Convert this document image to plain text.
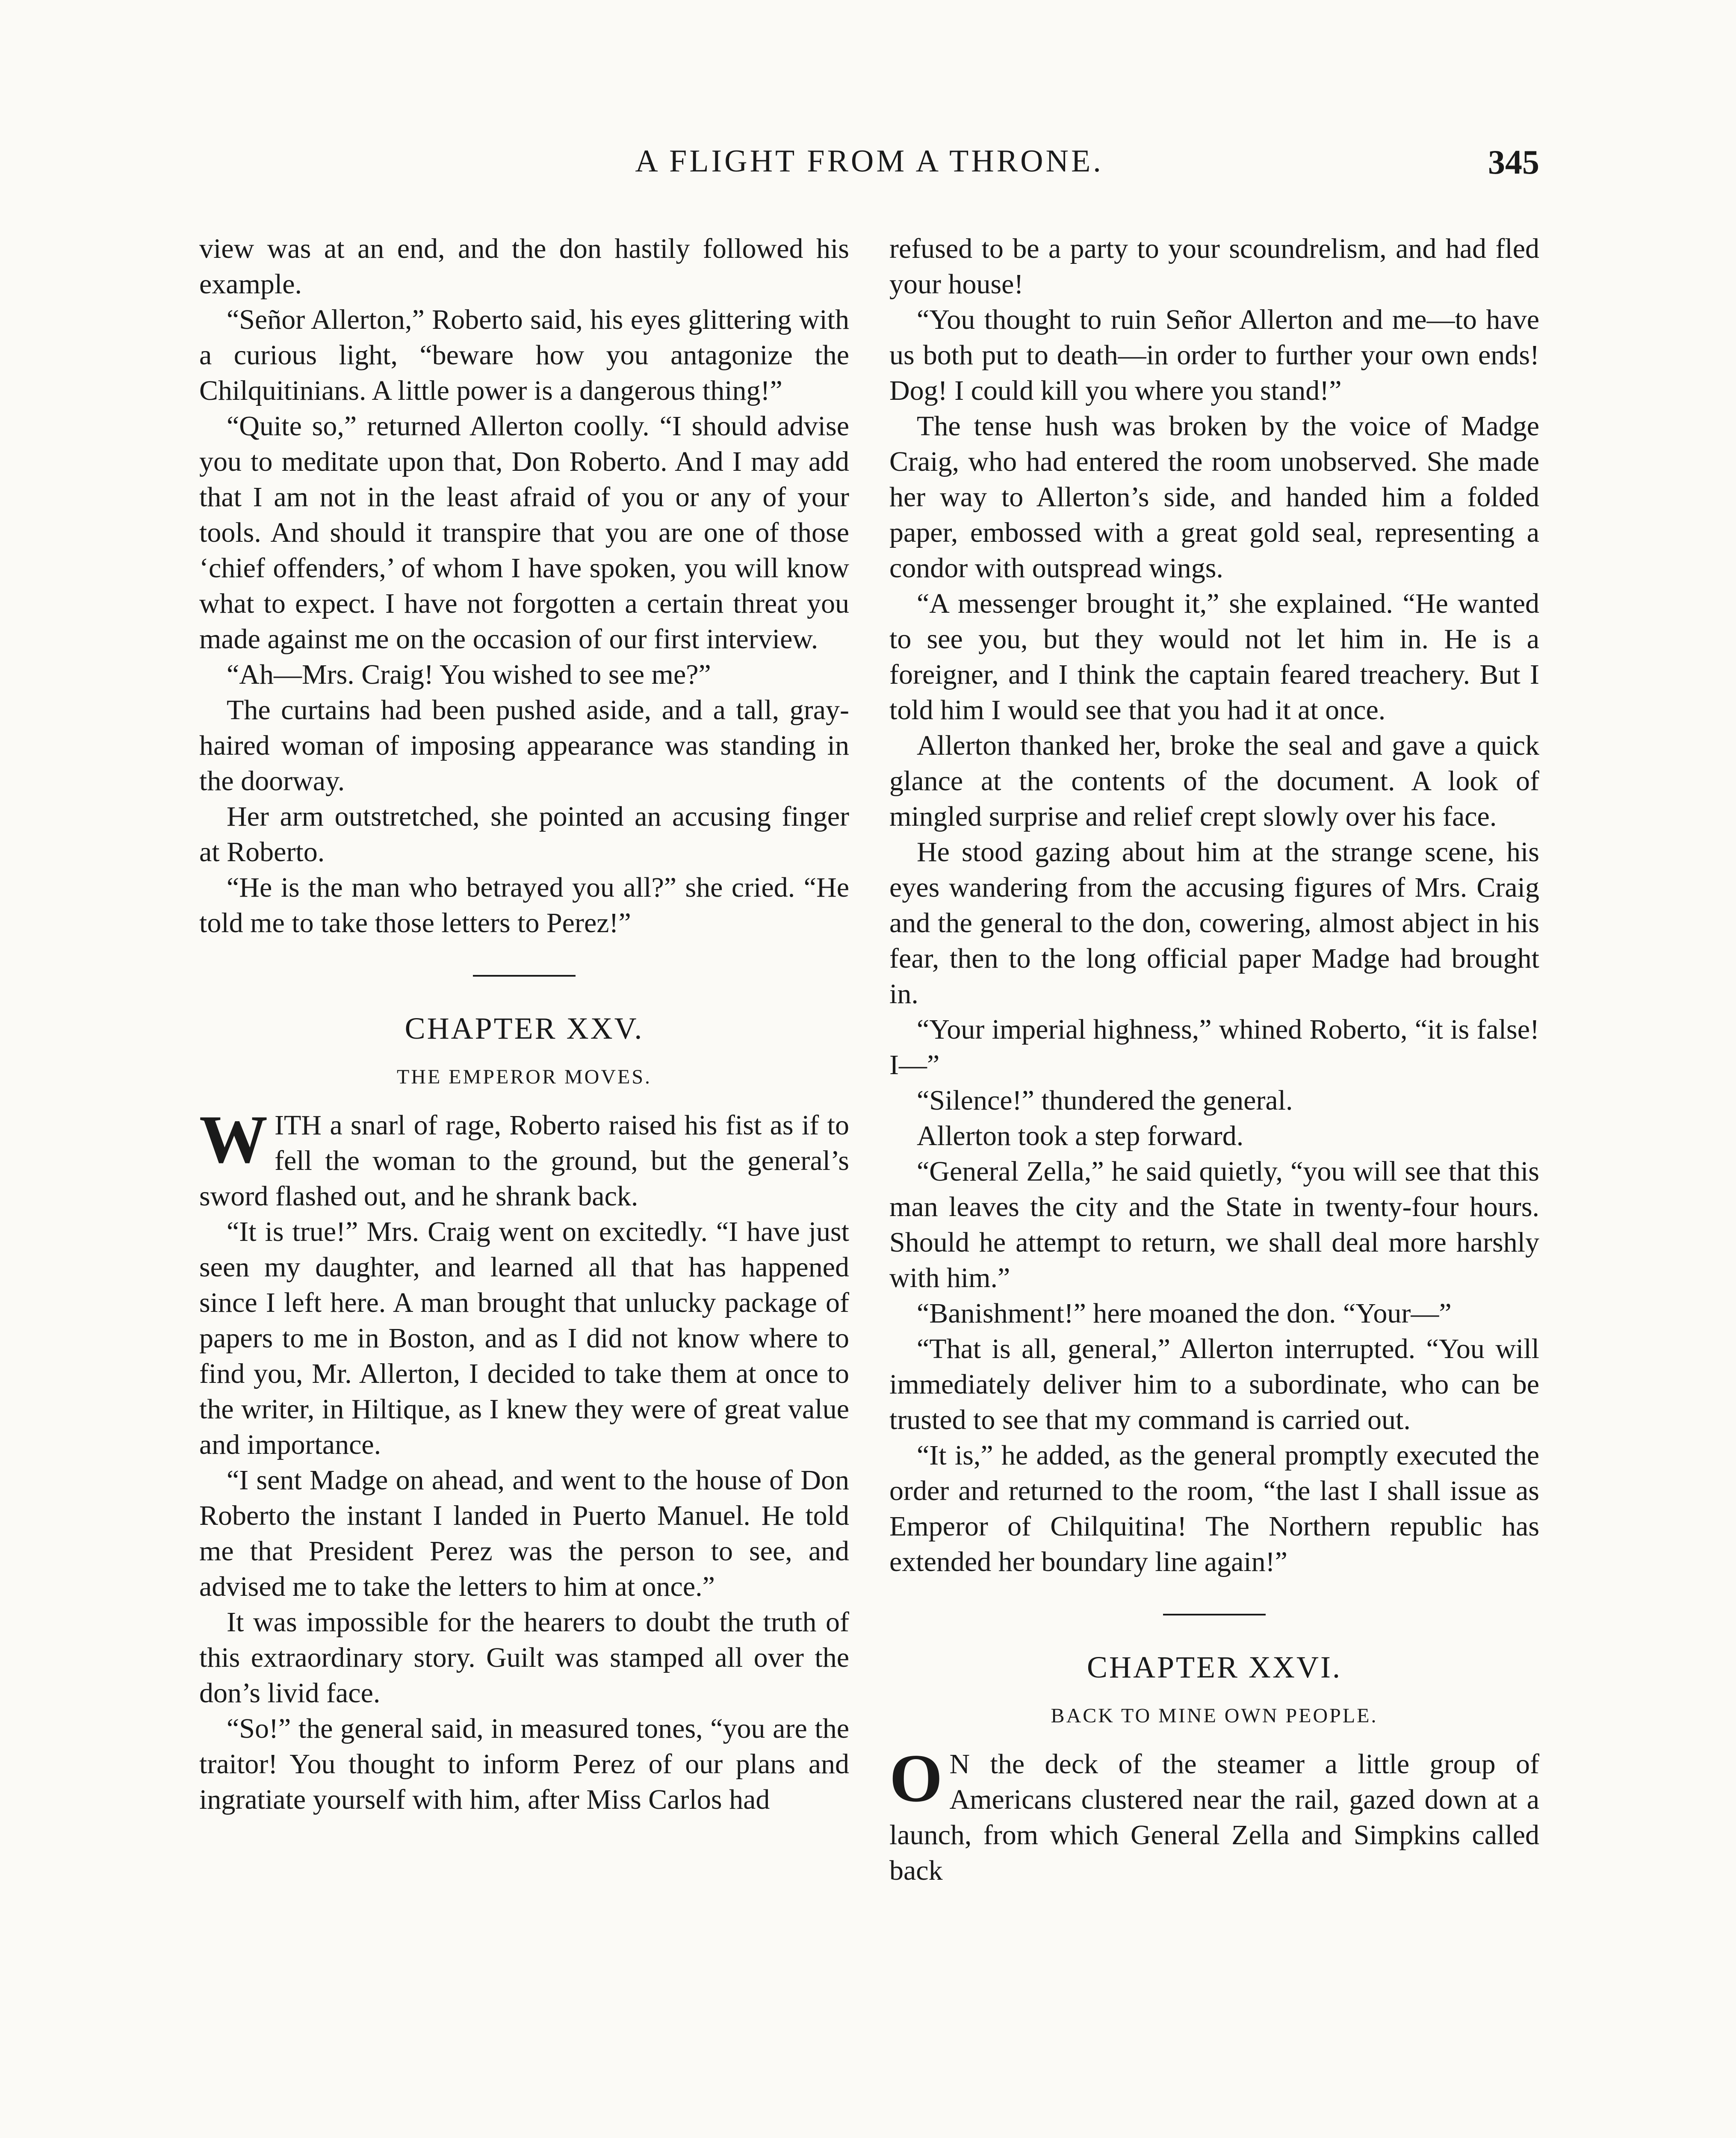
A FLIGHT FROM A THRONE.	345

view was at an end, and the don hastily followed his example.

“Señor Allerton,” Roberto said, his eyes glittering with a curious light, “beware how you antagonize the Chilquitinians. A little power is a dangerous thing!”

“Quite so,” returned Allerton coolly. “I should advise you to meditate upon that, Don Roberto. And I may add that I am not in the least afraid of you or any of your tools. And should it transpire that you are one of those ‘chief offenders,’ of whom I have spoken, you will know what to expect. I have not forgotten a certain threat you made against me on the occasion of our first interview.

“Ah—Mrs. Craig! You wished to see me?”

The curtains had been pushed aside, and a tall, gray-haired woman of imposing appearance was standing in the doorway.

Her arm outstretched, she pointed an accusing finger at Roberto.

“He is the man who betrayed you all?” she cried. “He told me to take those letters to Perez!”

CHAPTER XXV.
THE EMPEROR MOVES.

W ITH a snarl of rage, Roberto raised his fist as if to fell the woman to the ground, but the general’s sword flashed out, and he shrank back.

“It is true!” Mrs. Craig went on excitedly. “I have just seen my daughter, and learned all that has happened since I left here. A man brought that unlucky package of papers to me in Boston, and as I did not know where to find you, Mr. Allerton, I decided to take them at once to the writer, in Hiltique, as I knew they were of great value and importance.

“I sent Madge on ahead, and went to the house of Don Roberto the instant I landed in Puerto Manuel. He told me that President Perez was the person to see, and advised me to take the letters to him at once.”

It was impossible for the hearers to doubt the truth of this extraordinary story. Guilt was stamped all over the don’s livid face.

“So!” the general said, in measured tones, “you are the traitor! You thought to inform Perez of our plans and ingratiate yourself with him, after Miss Carlos had

refused to be a party to your scoundrelism, and had fled your house!

“You thought to ruin Señor Allerton and me—to have us both put to death—in order to further your own ends! Dog! I could kill you where you stand!”

The tense hush was broken by the voice of Madge Craig, who had entered the room unobserved. She made her way to Allerton’s side, and handed him a folded paper, embossed with a great gold seal, representing a condor with outspread wings.

“A messenger brought it,” she explained. “He wanted to see you, but they would not let him in. He is a foreigner, and I think the captain feared treachery. But I told him I would see that you had it at once.

Allerton thanked her, broke the seal and gave a quick glance at the contents of the document. A look of mingled surprise and relief crept slowly over his face.

He stood gazing about him at the strange scene, his eyes wandering from the accusing figures of Mrs. Craig and the general to the don, cowering, almost abject in his fear, then to the long official paper Madge had brought in.

“Your imperial highness,” whined Roberto, “it is false! I—”

“Silence!” thundered the general.

Allerton took a step forward.

“General Zella,” he said quietly, “you will see that this man leaves the city and the State in twenty-four hours. Should he attempt to return, we shall deal more harshly with him.”

“Banishment!” here moaned the don. “Your—”

“That is all, general,” Allerton interrupted. “You will immediately deliver him to a subordinate, who can be trusted to see that my command is carried out.

“It is,” he added, as the general promptly executed the order and returned to the room, “the last I shall issue as Emperor of Chilquitina! The Northern republic has extended her boundary line again!”

CHAPTER XXVI.
BACK TO MINE OWN PEOPLE.

O N the deck of the steamer a little group of Americans clustered near the rail, gazed down at a launch, from which General Zella and Simpkins called back
